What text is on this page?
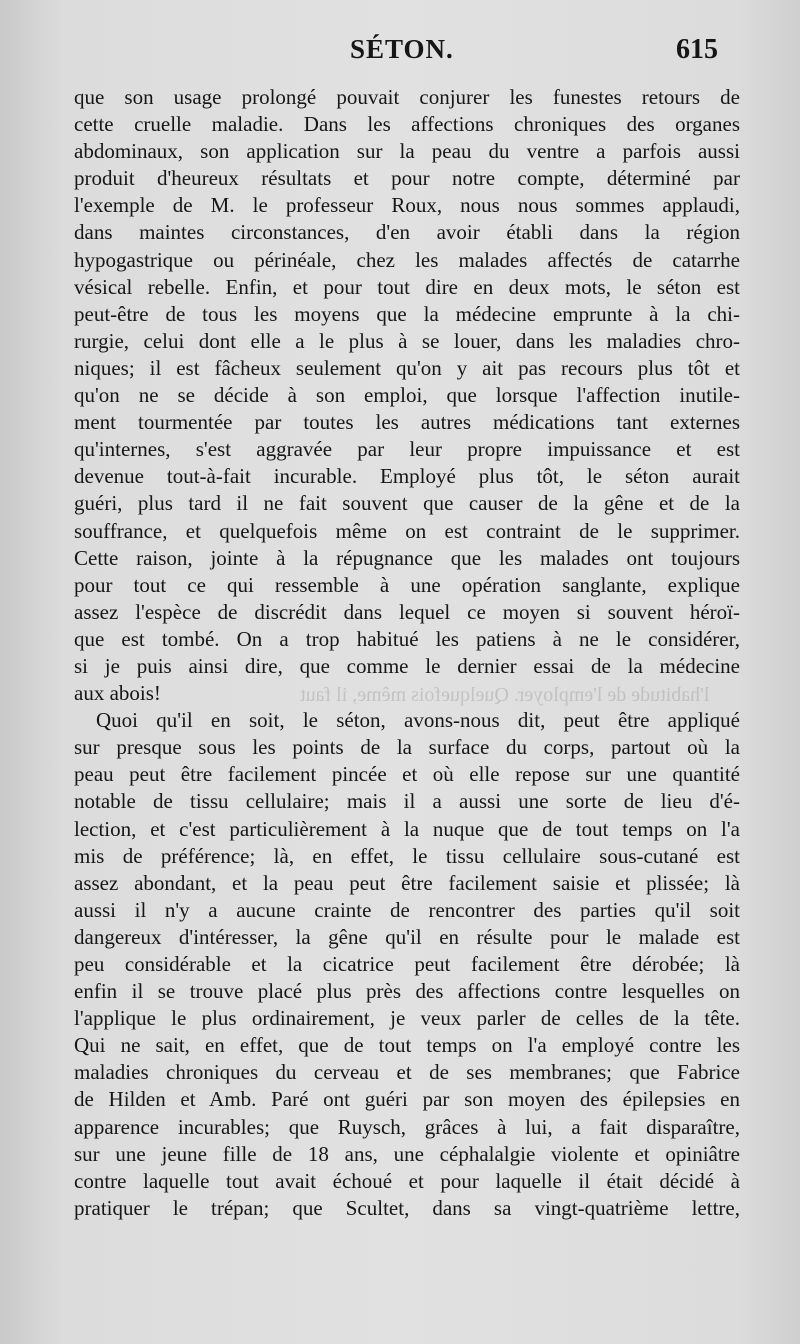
SÉTON.	615
l'habitude de l'employer. Quelquefois même, il faut
que son usage prolongé pouvait conjurer les funestes retours de
cette cruelle maladie. Dans les affections chroniques des organes
abdominaux, son application sur la peau du ventre a parfois aussi
produit d'heureux résultats et pour notre compte, déterminé par
l'exemple de M. le professeur Roux, nous nous sommes applaudi,
dans maintes circonstances, d'en avoir établi dans la région
hypogastrique ou périnéale, chez les malades affectés de catarrhe
vésical rebelle. Enfin, et pour tout dire en deux mots, le séton est
peut-être de tous les moyens que la médecine emprunte à la chi-
rurgie, celui dont elle a le plus à se louer, dans les maladies chro-
niques; il est fâcheux seulement qu'on y ait pas recours plus tôt et
qu'on ne se décide à son emploi, que lorsque l'affection inutile-
ment tourmentée par toutes les autres médications tant externes
qu'internes, s'est aggravée par leur propre impuissance et est
devenue tout-à-fait incurable. Employé plus tôt, le séton aurait
guéri, plus tard il ne fait souvent que causer de la gêne et de la
souffrance, et quelquefois même on est contraint de le supprimer.
Cette raison, jointe à la répugnance que les malades ont toujours
pour tout ce qui ressemble à une opération sanglante, explique
assez l'espèce de discrédit dans lequel ce moyen si souvent héroï-
que est tombé. On a trop habitué les patiens à ne le considérer,
si je puis ainsi dire, que comme le dernier essai de la médecine
aux abois!
Quoi qu'il en soit, le séton, avons-nous dit, peut être appliqué
sur presque sous les points de la surface du corps, partout où la
peau peut être facilement pincée et où elle repose sur une quantité
notable de tissu cellulaire; mais il a aussi une sorte de lieu d'é-
lection, et c'est particulièrement à la nuque que de tout temps on l'a
mis de préférence; là, en effet, le tissu cellulaire sous-cutané est
assez abondant, et la peau peut être facilement saisie et plissée; là
aussi il n'y a aucune crainte de rencontrer des parties qu'il soit
dangereux d'intéresser, la gêne qu'il en résulte pour le malade est
peu considérable et la cicatrice peut facilement être dérobée; là
enfin il se trouve placé plus près des affections contre lesquelles on
l'applique le plus ordinairement, je veux parler de celles de la tête.
Qui ne sait, en effet, que de tout temps on l'a employé contre les
maladies chroniques du cerveau et de ses membranes; que Fabrice
de Hilden et Amb. Paré ont guéri par son moyen des épilepsies en
apparence incurables; que Ruysch, grâces à lui, a fait disparaître,
sur une jeune fille de 18 ans, une céphalalgie violente et opiniâtre
contre laquelle tout avait échoué et pour laquelle il était décidé à
pratiquer le trépan; que Scultet, dans sa vingt-quatrième lettre,
